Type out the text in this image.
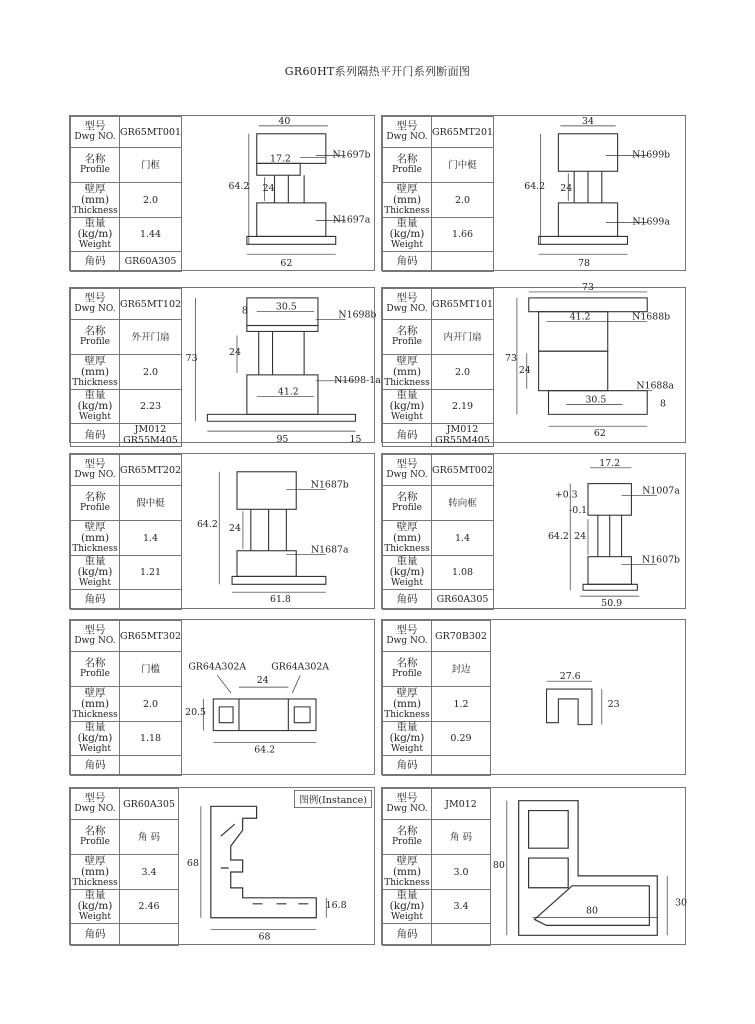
GR60HT系列隔热平开门系列断面图
型号
Dwg NO.	GR65MT001

名称
Profile	门框

壁厚 (mm)
Thickness	2.0

重量 (kg/m)
Weight	1.44

角码	GR60A305
40
17.2
64.2 24
62
N1697b
N1697a
型号
Dwg NO.	GR65MT201

名称
Profile	门中梃

壁厚 (mm)
Thickness	2.0

重量 (kg/m)
Weight	1.66

角码	

34
64.2 24
78
N1699b
N1699a
型号
Dwg NO.	GR65MT102

名称
Profile	外开门扇

壁厚 (mm)
Thickness	2.0

重量 (kg/m)
Weight	2.23

角码	JM012
GR55M405
8	30.5
24
73
41.2
95	15
N1698b
N1698-1a
型号
Dwg NO.	GR65MT101

名称
Profile	内开门扇

壁厚 (mm)
Thickness	2.0

重量 (kg/m)
Weight	2.19

角码	JM012
GR55M405
73
41.2
73
24
30.5	8
62
N1688b
N1688a
型号
Dwg NO.	GR65MT202

名称
Profile	假中梃

壁厚 (mm)
Thickness	1.4

重量 (kg/m)
Weight	1.21

角码	

64.2 24
61.8
N1687b
N1687a
型号
Dwg NO.	GR65MT002

名称
Profile	转向框

壁厚 (mm)
Thickness	1.4

重量 (kg/m)
Weight	1.08

角码	GR60A305
17.2
64.2
+0.3
-0.1
24
50.9
N1007a
N1607b
型号
Dwg NO.	GR65MT302

名称
Profile	门槛

壁厚 (mm)
Thickness	2.0

重量 (kg/m)
Weight	1.18

角码	

24
20.5
64.2
GR64A302A	GR64A302A
型号
Dwg NO.	GR70B302

名称
Profile	封边

壁厚 (mm)
Thickness	1.2

重量 (kg/m)
Weight	0.29

角码	

27.6
23
型号
Dwg NO.	GR60A305

名称
Profile	角 码

壁厚 (mm)
Thickness	3.4

重量 (kg/m)
Weight	2.46

角码	

68
16.8
68
图例(Instance)	型号
Dwg NO.	JM012

名称
Profile	角 码

壁厚 (mm)
Thickness	3.0

重量 (kg/m)
Weight	3.4

角码	

80
80
30
